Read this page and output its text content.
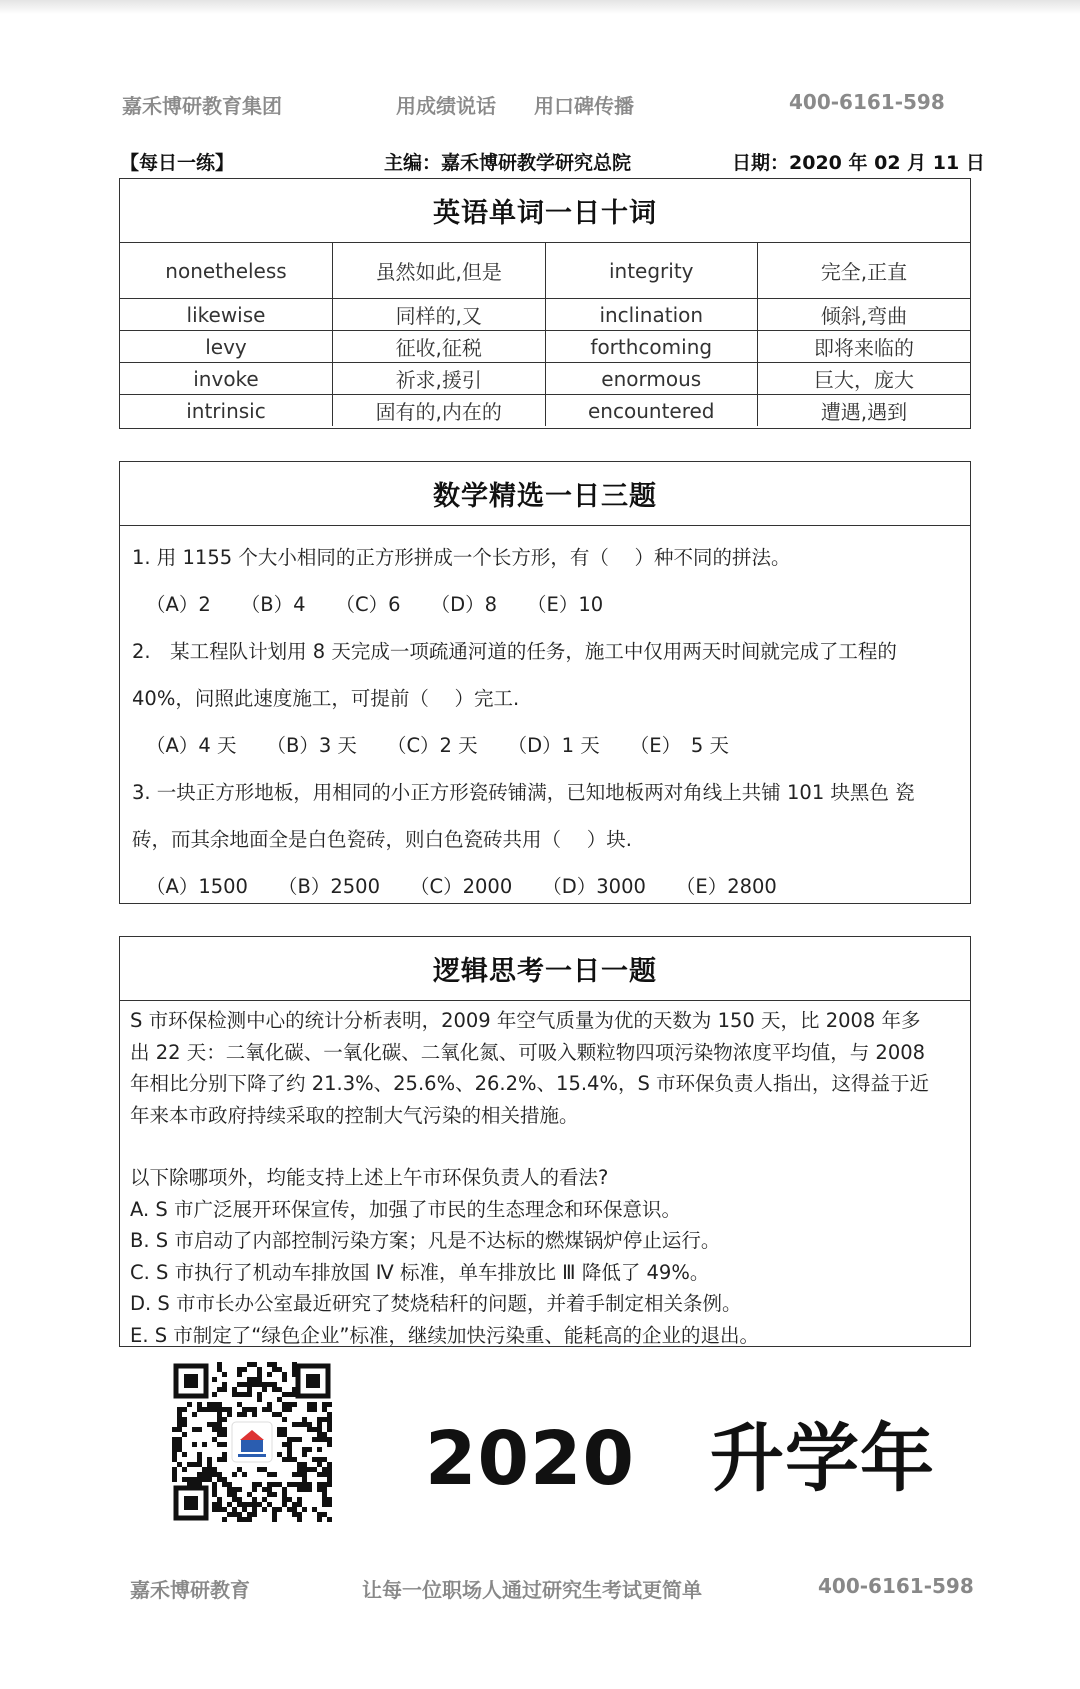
嘉禾博研教育集团	用成绩说话 用口碑传播	400-6161-598
【每日一练】	主编：嘉禾博研教学研究总院	日期：2020 年 02 月 11 日
英语单词一日十词
nonetheless	虽然如此,但是	integrity	完全,正直
likewise	同样的,又	inclination	倾斜,弯曲
levy	征收,征税	forthcoming	即将来临的
invoke	祈求,援引	enormous	巨大，庞大
intrinsic	固有的,内在的	encountered	遭遇,遇到
数学精选一日三题
1. 用 1155 个大小相同的正方形拼成一个长方形，有（　 ）种不同的拼法。
（A）2 （B）4 （C）6 （D）8 （E）10
2.　某工程队计划用 8 天完成一项疏通河道的任务，施工中仅用两天时间就完成了工程的
40%，问照此速度施工，可提前（　 ）完工.
（A）4 天 （B）3 天 （C）2 天 （D）1 天 （E）　5 天
3. 一块正方形地板，用相同的小正方形瓷砖铺满，已知地板两对角线上共铺 101 块黑色 瓷
砖，而其余地面全是白色瓷砖，则白色瓷砖共用（　 ）块.
（A）1500 （B）2500 （C）2000 （D）3000 （E）2800
逻辑思考一日一题
S 市环保检测中心的统计分析表明，2009 年空气质量为优的天数为 150 天，比 2008 年多
出 22 天：二氧化碳、一氧化碳、二氧化氮、可吸入颗粒物四项污染物浓度平均值，与 2008
年相比分别下降了约 21.3%、25.6%、26.2%、15.4%，S 市环保负责人指出，这得益于近
年来本市政府持续采取的控制大气污染的相关措施。
以下除哪项外，均能支持上述上午市环保负责人的看法?
A. S 市广泛展开环保宣传，加强了市民的生态理念和环保意识。
B. S 市启动了内部控制污染方案；凡是不达标的燃煤锅炉停止运行。
C. S 市执行了机动车排放国 Ⅳ 标准，单车排放比 Ⅲ 降低了 49%。
D. S 市市长办公室最近研究了焚烧秸秆的问题，并着手制定相关条例。
E. S 市制定了“绿色企业”标准，继续加快污染重、能耗高的企业的退出。
2020　升学年
嘉禾博研教育	让每一位职场人通过研究生考试更简单	400-6161-598
